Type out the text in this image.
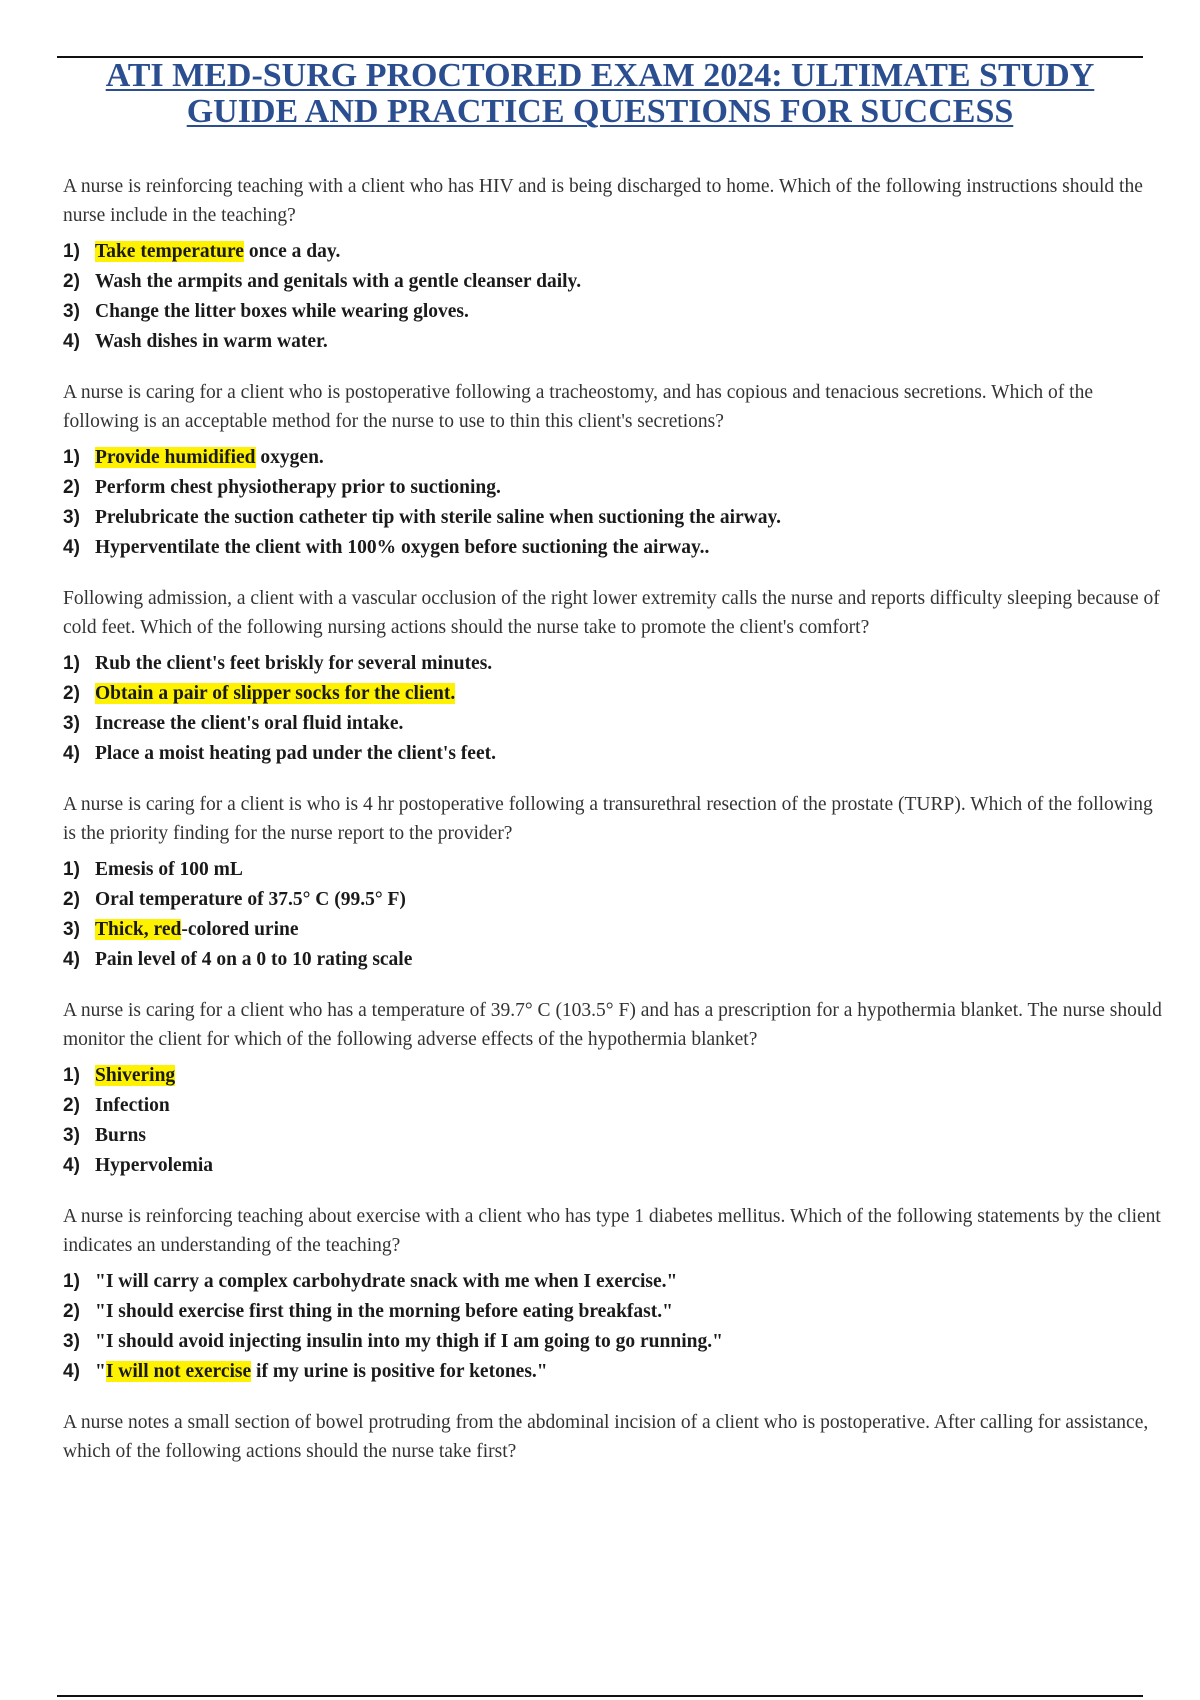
ATI MED-SURG PROCTORED EXAM 2024: ULTIMATE STUDY GUIDE AND PRACTICE QUESTIONS FOR SUCCESS

A nurse is reinforcing teaching with a client who has HIV and is being discharged to home. Which of the following instructions should the nurse include in the teaching?

1) Take temperature once a day.
2) Wash the armpits and genitals with a gentle cleanser daily.
3) Change the litter boxes while wearing gloves.
4) Wash dishes in warm water.

A nurse is caring for a client who is postoperative following a tracheostomy, and has copious and tenacious secretions. Which of the following is an acceptable method for the nurse to use to thin this client's secretions?

1) Provide humidified oxygen.
2) Perform chest physiotherapy prior to suctioning.
3) Prelubricate the suction catheter tip with sterile saline when suctioning the airway.
4) Hyperventilate the client with 100% oxygen before suctioning the airway..

Following admission, a client with a vascular occlusion of the right lower extremity calls the nurse and reports difficulty sleeping because of cold feet. Which of the following nursing actions should the nurse take to promote the client's comfort?

1) Rub the client's feet briskly for several minutes.
2) Obtain a pair of slipper socks for the client.
3) Increase the client's oral fluid intake.
4) Place a moist heating pad under the client's feet.

A nurse is caring for a client is who is 4 hr postoperative following a transurethral resection of the prostate (TURP). Which of the following is the priority finding for the nurse report to the provider?

1) Emesis of 100 mL
2) Oral temperature of 37.5° C (99.5° F)
3) Thick, red-colored urine
4) Pain level of 4 on a 0 to 10 rating scale

A nurse is caring for a client who has a temperature of 39.7° C (103.5° F) and has a prescription for a hypothermia blanket. The nurse should monitor the client for which of the following adverse effects of the hypothermia blanket?

1) Shivering
2) Infection
3) Burns
4) Hypervolemia

A nurse is reinforcing teaching about exercise with a client who has type 1 diabetes mellitus. Which of the following statements by the client indicates an understanding of the teaching?

1) "I will carry a complex carbohydrate snack with me when I exercise."
2) "I should exercise first thing in the morning before eating breakfast."
3) "I should avoid injecting insulin into my thigh if I am going to go running."
4) "I will not exercise if my urine is positive for ketones."

A nurse notes a small section of bowel protruding from the abdominal incision of a client who is postoperative. After calling for assistance, which of the following actions should the nurse take first?
